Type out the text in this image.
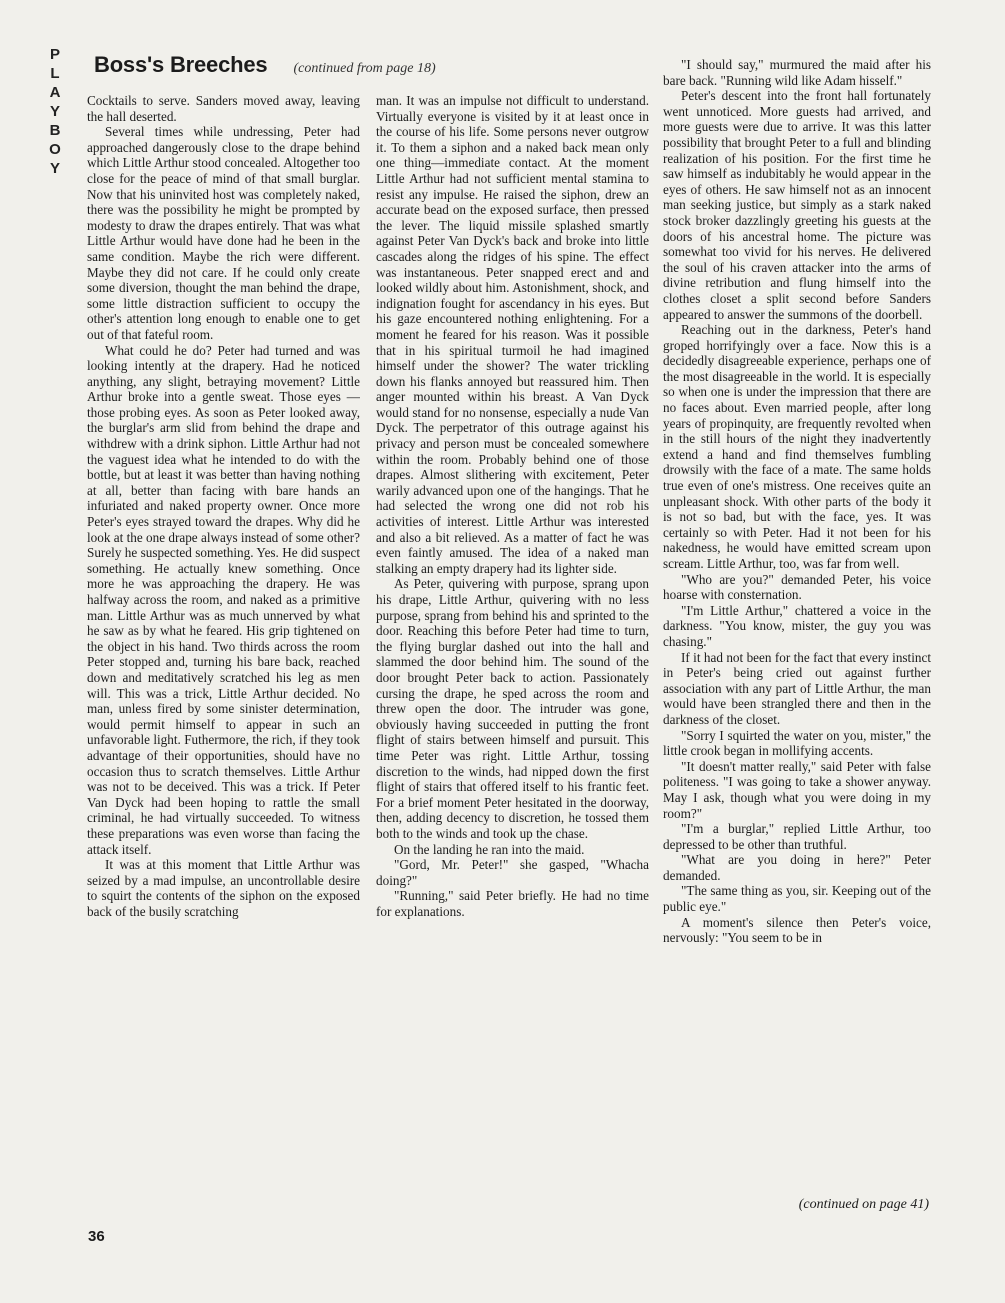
P
L
A
Y
B
O
Y
Boss's Breeches (continued from page 18)

Cocktails to serve. Sanders moved away, leaving the hall deserted.

Several times while undressing, Peter had approached dangerously close to the drape behind which Little Arthur stood concealed. Altogether too close for the peace of mind of that small burglar. Now that his uninvited host was completely naked, there was the possibility he might be prompted by modesty to draw the drapes entirely. That was what Little Arthur would have done had he been in the same condition. Maybe the rich were different. Maybe they did not care. If he could only create some diversion, thought the man behind the drape, some little distraction sufficient to occupy the other's attention long enough to enable one to get out of that fateful room.

What could he do? Peter had turned and was looking intently at the drapery. Had he noticed anything, any slight, betraying movement? Little Arthur broke into a gentle sweat. Those eyes — those probing eyes. As soon as Peter looked away, the burglar's arm slid from behind the drape and withdrew with a drink siphon. Little Arthur had not the vaguest idea what he intended to do with the bottle, but at least it was better than having nothing at all, better than facing with bare hands an infuriated and naked property owner. Once more Peter's eyes strayed toward the drapes. Why did he look at the one drape always instead of some other? Surely he suspected something. Yes. He did suspect something. He actually knew something. Once more he was approaching the drapery. He was halfway across the room, and naked as a primitive man. Little Arthur was as much unnerved by what he saw as by what he feared. His grip tightened on the object in his hand. Two thirds across the room Peter stopped and, turning his bare back, reached down and meditatively scratched his leg as men will. This was a trick, Little Arthur decided. No man, unless fired by some sinister determination, would permit himself to appear in such an unfavorable light. Futhermore, the rich, if they took advantage of their opportunities, should have no occasion thus to scratch themselves. Little Arthur was not to be deceived. This was a trick. If Peter Van Dyck had been hoping to rattle the small criminal, he had virtually succeeded. To witness these preparations was even worse than facing the attack itself.

It was at this moment that Little Arthur was seized by a mad impulse, an uncontrollable desire to squirt the contents of the siphon on the exposed back of the busily scratching

man. It was an impulse not difficult to understand. Virtually everyone is visited by it at least once in the course of his life. Some persons never outgrow it. To them a siphon and a naked back mean only one thing—immediate contact. At the moment Little Arthur had not sufficient mental stamina to resist any impulse. He raised the siphon, drew an accurate bead on the exposed surface, then pressed the lever. The liquid missile splashed smartly against Peter Van Dyck's back and broke into little cascades along the ridges of his spine. The effect was instantaneous. Peter snapped erect and and looked wildly about him. Astonishment, shock, and indignation fought for ascendancy in his eyes. But his gaze encountered nothing enlightening. For a moment he feared for his reason. Was it possible that in his spiritual turmoil he had imagined himself under the shower? The water trickling down his flanks annoyed but reassured him. Then anger mounted within his breast. A Van Dyck would stand for no nonsense, especially a nude Van Dyck. The perpetrator of this outrage against his privacy and person must be concealed somewhere within the room. Probably behind one of those drapes. Almost slithering with excitement, Peter warily advanced upon one of the hangings. That he had selected the wrong one did not rob his activities of interest. Little Arthur was interested and also a bit relieved. As a matter of fact he was even faintly amused. The idea of a naked man stalking an empty drapery had its lighter side.

As Peter, quivering with purpose, sprang upon his drape, Little Arthur, quivering with no less purpose, sprang from behind his and sprinted to the door. Reaching this before Peter had time to turn, the flying burglar dashed out into the hall and slammed the door behind him. The sound of the door brought Peter back to action. Passionately cursing the drape, he sped across the room and threw open the door. The intruder was gone, obviously having succeeded in putting the front flight of stairs between himself and pursuit. This time Peter was right. Little Arthur, tossing discretion to the winds, had nipped down the first flight of stairs that offered itself to his frantic feet. For a brief moment Peter hesitated in the doorway, then, adding decency to discretion, he tossed them both to the winds and took up the chase.

On the landing he ran into the maid.

"Gord, Mr. Peter!" she gasped, "Whacha doing?"

"Running," said Peter briefly. He had no time for explanations.

"I should say," murmured the maid after his bare back. "Running wild like Adam hisself."

Peter's descent into the front hall fortunately went unnoticed. More guests had arrived, and more guests were due to arrive. It was this latter possibility that brought Peter to a full and blinding realization of his position. For the first time he saw himself as indubitably he would appear in the eyes of others. He saw himself not as an innocent man seeking justice, but simply as a stark naked stock broker dazzlingly greeting his guests at the doors of his ancestral home. The picture was somewhat too vivid for his nerves. He delivered the soul of his craven attacker into the arms of divine retribution and flung himself into the clothes closet a split second before Sanders appeared to answer the summons of the doorbell.

Reaching out in the darkness, Peter's hand groped horrifyingly over a face. Now this is a decidedly disagreeable experience, perhaps one of the most disagreeable in the world. It is especially so when one is under the impression that there are no faces about. Even married people, after long years of propinquity, are frequently revolted when in the still hours of the night they inadvertently extend a hand and find themselves fumbling drowsily with the face of a mate. The same holds true even of one's mistress. One receives quite an unpleasant shock. With other parts of the body it is not so bad, but with the face, yes. It was certainly so with Peter. Had it not been for his nakedness, he would have emitted scream upon scream. Little Arthur, too, was far from well.

"Who are you?" demanded Peter, his voice hoarse with consternation.

"I'm Little Arthur," chattered a voice in the darkness. "You know, mister, the guy you was chasing."

If it had not been for the fact that every instinct in Peter's being cried out against further association with any part of Little Arthur, the man would have been strangled there and then in the darkness of the closet.

"Sorry I squirted the water on you, mister," the little crook began in mollifying accents.

"It doesn't matter really," said Peter with false politeness. "I was going to take a shower anyway. May I ask, though what you were doing in my room?"

"I'm a burglar," replied Little Arthur, too depressed to be other than truthful.

"What are you doing in here?" Peter demanded.

"The same thing as you, sir. Keeping out of the public eye."

A moment's silence then Peter's voice, nervously: "You seem to be in

(continued on page 41)
36
